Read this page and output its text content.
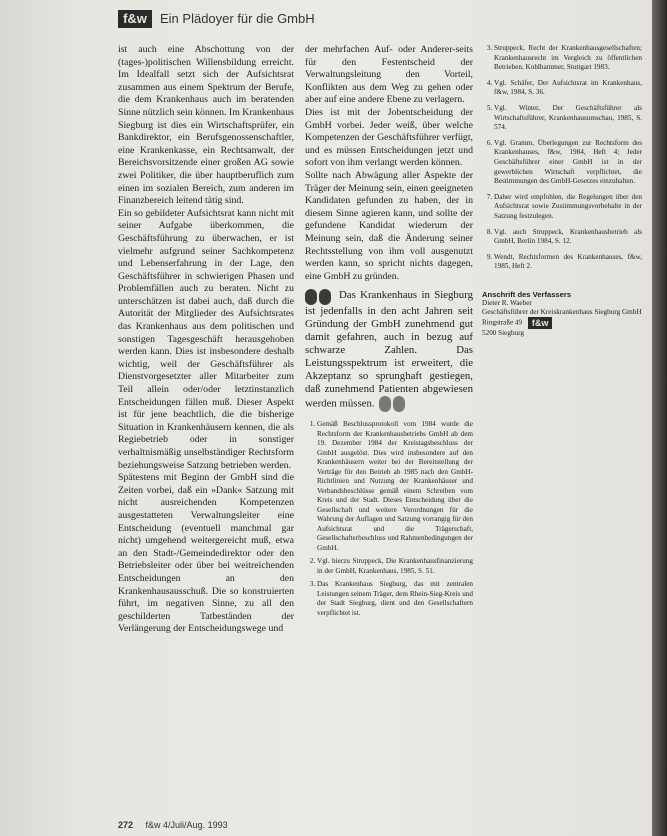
f&w	Ein Plädoyer für die GmbH

ist auch eine Abschottung von der (tages-)politischen Willensbildung erreicht. Im Idealfall setzt sich der Aufsichtsrat zusammen aus einem Spektrum der Berufe, die dem Krankenhaus auch im beratenden Sinne nützlich sein können. Im Krankenhaus Siegburg ist dies ein Wirtschaftsprüfer, ein Bankdirektor, ein Berufsgenossenschaftler, eine Krankenkasse, ein Rechtsanwalt, der Bereichsvorsitzende einer großen AG sowie zwei Politiker, die über hauptberuflich zum einen im sozialen Bereich, zum anderen im Finanzbereich leitend tätig sind.

Ein so gebildeter Aufsichtsrat kann nicht mit seiner Aufgabe überkommen, die Geschäftsführung zu überwachen, er ist vielmehr aufgrund seiner Sachkompetenz und Lebenserfahrung in der Lage, den Geschäftsführer in schwierigen Phasen und Problemfällen auch zu beraten. Nicht zu unterschätzen ist dabei auch, daß durch die Autorität der Mitglieder des Aufsichtsrates das Krankenhaus aus dem politischen und sonstigen Tagesgeschäft herausgehoben werden kann. Dies ist insbesondere deshalb wichtig, weil der Geschäftsführer als Dienstvorgesetzter aller Mitarbeiter zum Teil allein oder/oder letztinstanzlich Entscheidungen fällen muß. Dieser Aspekt ist für jene beachtlich, die die bisherige Situation in Krankenhäusern kennen, die als Regiebetrieb oder in sonstiger verhaltnismäßig unselbständiger Rechtsform beziehungsweise Satzung betrieben werden.

Spätestens mit Beginn der GmbH sind die Zeiten vorbei, daß ein »Dank« Satzung mit nicht ausreichenden Kompetenzen ausgestatteten Verwaltungsleiter eine Entscheidung (eventuell manchmal gar nicht) umgehend weitergereicht muß, etwa an den Stadt-/Gemeindedirektor oder den Betriebsleiter oder über bei weitreichenden Entscheidungen an den Krankenhausausschuß. Die so konstruierten führt, im negativen Sinne, zu all den geschilderten Tatbeständen der Verlängerung der Entscheidungswege und

der mehrfachen Auf- oder Anderer-seits für den Festentscheid der Verwaltungsleitung den Vorteil, Konflikten aus dem Weg zu gehen oder aber auf eine andere Ebene zu verlagern.

Dies ist mit der Jobentscheidung der GmbH vorbei. Jeder weiß, über welche Kompetenzen der Geschäftsführer verfügt, und es müssen Entscheidungen jetzt und sofort von ihm verlangt werden können.

Sollte nach Abwägung aller Aspekte der Träger der Meinung sein, einen geeigneten Kandidaten gefunden zu haben, der in diesem Sinne agieren kann, und sollte der gefundene Kandidat wiederum der Meinung sein, daß die Änderung seiner Rechtsstellung von ihm voll ausgenutzt werden kann, so spricht nichts dagegen, eine GmbH zu gründen.

Das Krankenhaus in Siegburg ist jedenfalls in den acht Jahren seit Gründung der GmbH zunehmend gut damit gefahren, auch in bezug auf schwarze Zahlen. Das Leistungsspektrum ist erweitert, die Akzeptanz so sprunghaft gestiegen, daß zunehmend Patienten abgewiesen werden müssen.
1. Gemäß Beschlussprotokoll vom 1984 wurde die Rechtsform der Krankenhausbetriebs GmbH ab dem 19. Dezember 1984 der Kreistagsbeschluss der GmbH ausgelöst. Dies wird insbesondere auf den Krankenhäusern weiter bei der Bereitstellung der Verträge für den Betrieb ab 1985 nach den GmbH-Richtlinien und Nutzung der Krankenhäuser und Verbandsbeschlüsse gemäß einem Schreiben vom Kreis und der Stadt. Dieses Entscheidung über die Gesellschaft und weitere Verordnungen für die Wahrung der Auflagen und Satzung vorrangig für den Aufsichtsrat und die Trägerschaft, Gesellschafterbeschluss und Rahmenbedingungen der GmbH.
2. Vgl. hierzu Struppeck, Die Krankenhausfinanzierung in der GmbH, Krankenhaus, 1985, S. 51.
3. Das Krankenhaus Siegburg, das mit zentralen Leistungen seinem Träger, dem Rhein-Sieg-Kreis und der Stadt Siegburg, dient und den Gesellschaftern verpflichtet ist.
3. Struppeck, Recht der Krankenhausgesellschaften; Krankenhausrecht im Vergleich zu öffentlichen Betrieben, Kohlhammer, Stuttgart 1983.
4. Vgl. Schäfer, Der Aufsichtsrat im Krankenhaus, f&w, 1984, S. 36.
5. Vgl. Winter, Der Geschäftsführer als Wirtschaftsführer, Krankenhausumschau, 1985, S. 574.
6. Vgl. Gramm, Überlegungen zur Rechtsform des Krankenhauses, f&w, 1984, Heft 4; Jeder Geschäftsführer einer GmbH ist in der gewerblichen Wirtschaft verpflichtet, die Bestimmungen des GmbH-Gesetzes einzuhalten.
7. Daher wird empfohlen, die Regelungen über den Aufsichtsrat sowie Zustimmungsvorbehalte in der Satzung festzulegen.
8. Vgl. auch Struppeck, Krankenhausbetrieb als GmbH, Berlin 1984, S. 12.
9. Wendt, Rechtsformen des Krankenhauses, f&w, 1985, Heft 2.
Anschrift des Verfassers
Dieter R. Waeber
Geschäftsführer der Kreiskrankenhaus Siegburg GmbH
Ringstraße 49 f&w
5200 Siegburg
272 f&w 4/Juli/Aug. 1993
